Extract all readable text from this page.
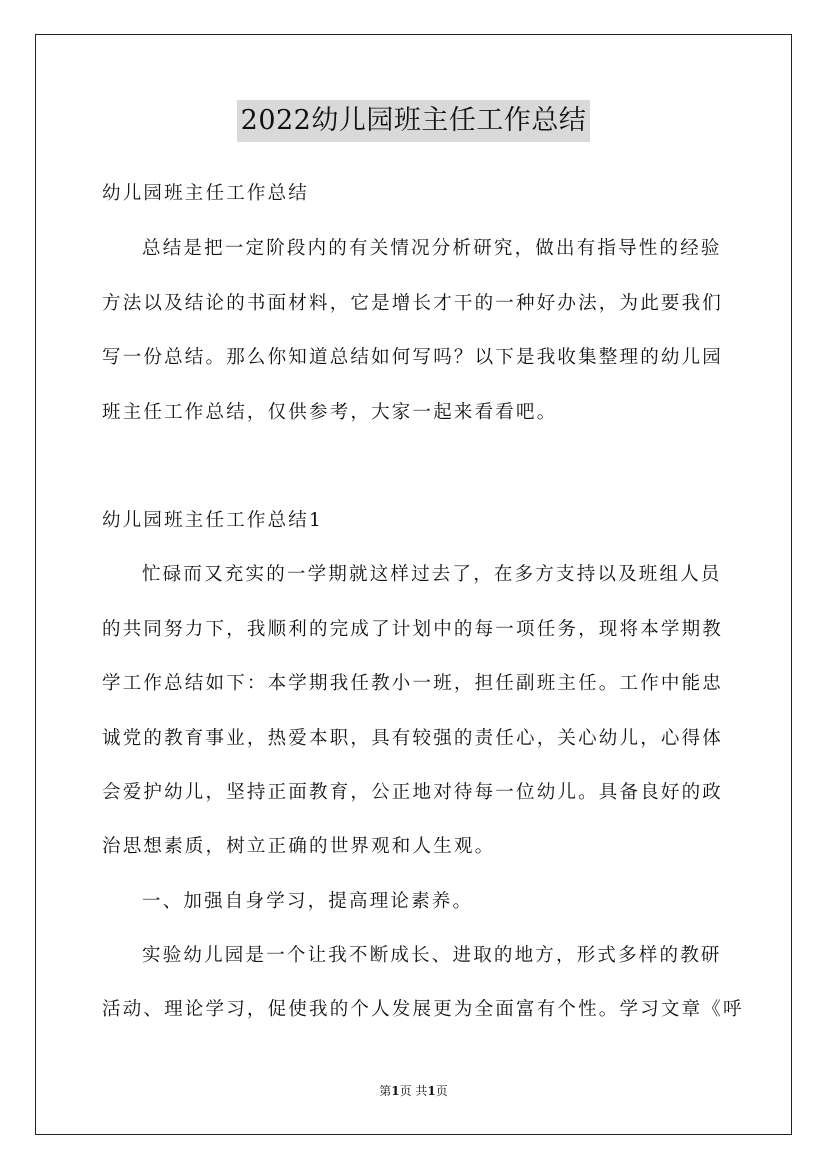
2022幼儿园班主任工作总结
幼儿园班主任工作总结
总结是把一定阶段内的有关情况分析研究，做出有指导性的经验
方法以及结论的书面材料，它是增长才干的一种好办法，为此要我们
写一份总结。那么你知道总结如何写吗？以下是我收集整理的幼儿园
班主任工作总结，仅供参考，大家一起来看看吧。
幼儿园班主任工作总结1
忙碌而又充实的一学期就这样过去了，在多方支持以及班组人员
的共同努力下，我顺利的完成了计划中的每一项任务，现将本学期教
学工作总结如下：本学期我任教小一班，担任副班主任。工作中能忠
诚党的教育事业，热爱本职，具有较强的责任心，关心幼儿，心得体
会爱护幼儿，坚持正面教育，公正地对待每一位幼儿。具备良好的政
治思想素质，树立正确的世界观和人生观。
一、加强自身学习，提高理论素养。
实验幼儿园是一个让我不断成长、进取的地方，形式多样的教研
活动、理论学习，促使我的个人发展更为全面富有个性。学习文章《呼
第1页 共1页
